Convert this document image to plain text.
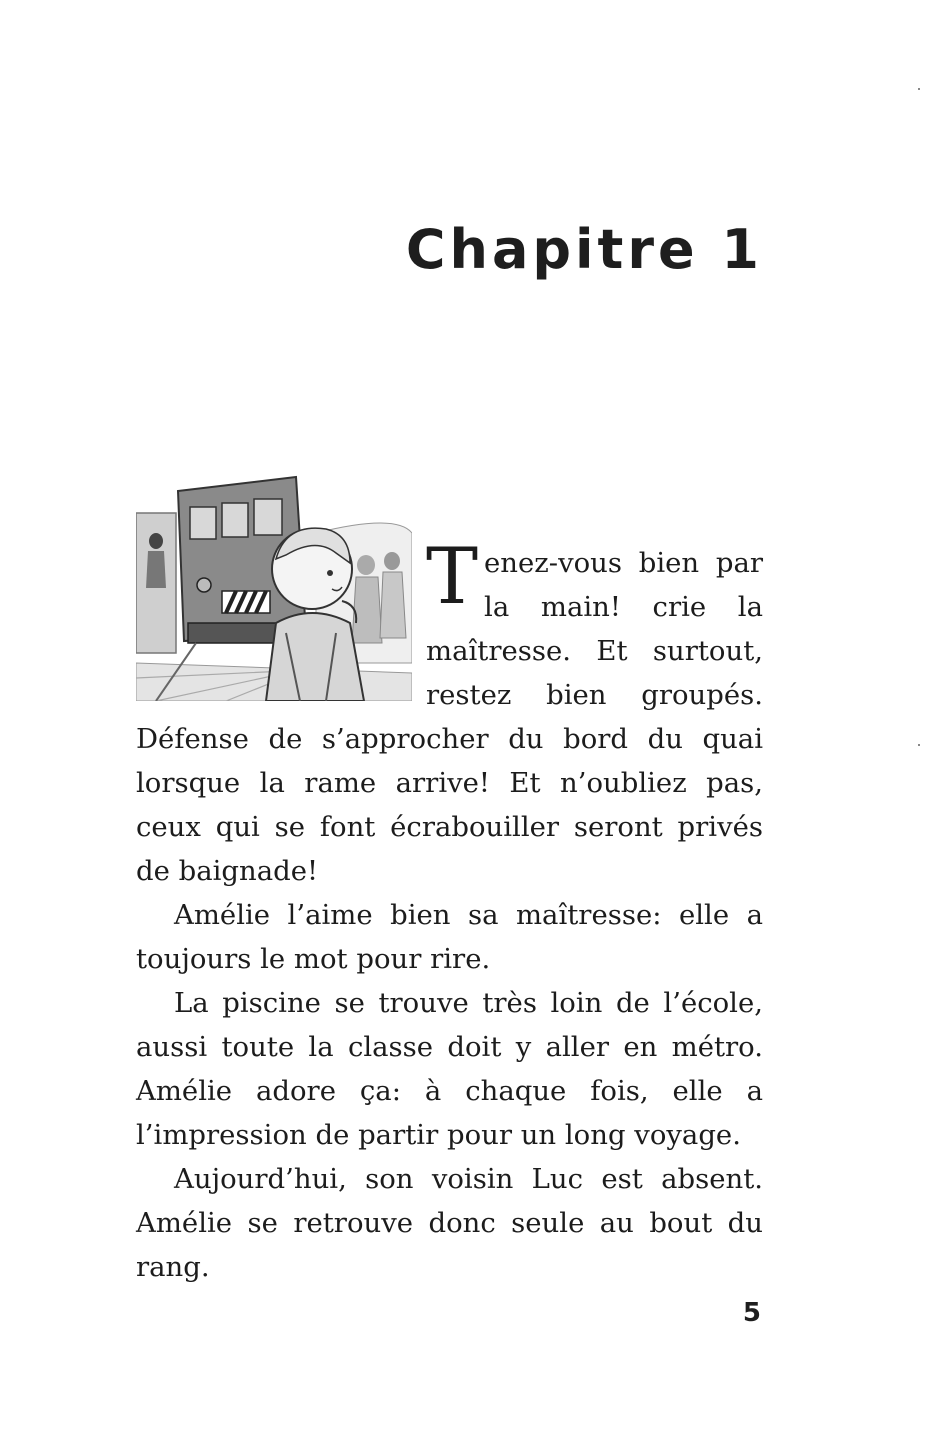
Chapitre 1

Tenez-vous bien par la main! crie la maîtresse. Et surtout, restez bien groupés. Défense de s’approcher du bord du quai lorsque la rame arrive! Et n’oubliez pas, ceux qui se font écrabouiller seront privés de baignade!

Amélie l’aime bien sa maîtresse: elle a toujours le mot pour rire.

La piscine se trouve très loin de l’école, aussi toute la classe doit y aller en métro. Amélie adore ça: à chaque fois, elle a l’impression de partir pour un long voyage.

Aujourd’hui, son voisin Luc est absent. Amélie se retrouve donc seule au bout du rang.

5
